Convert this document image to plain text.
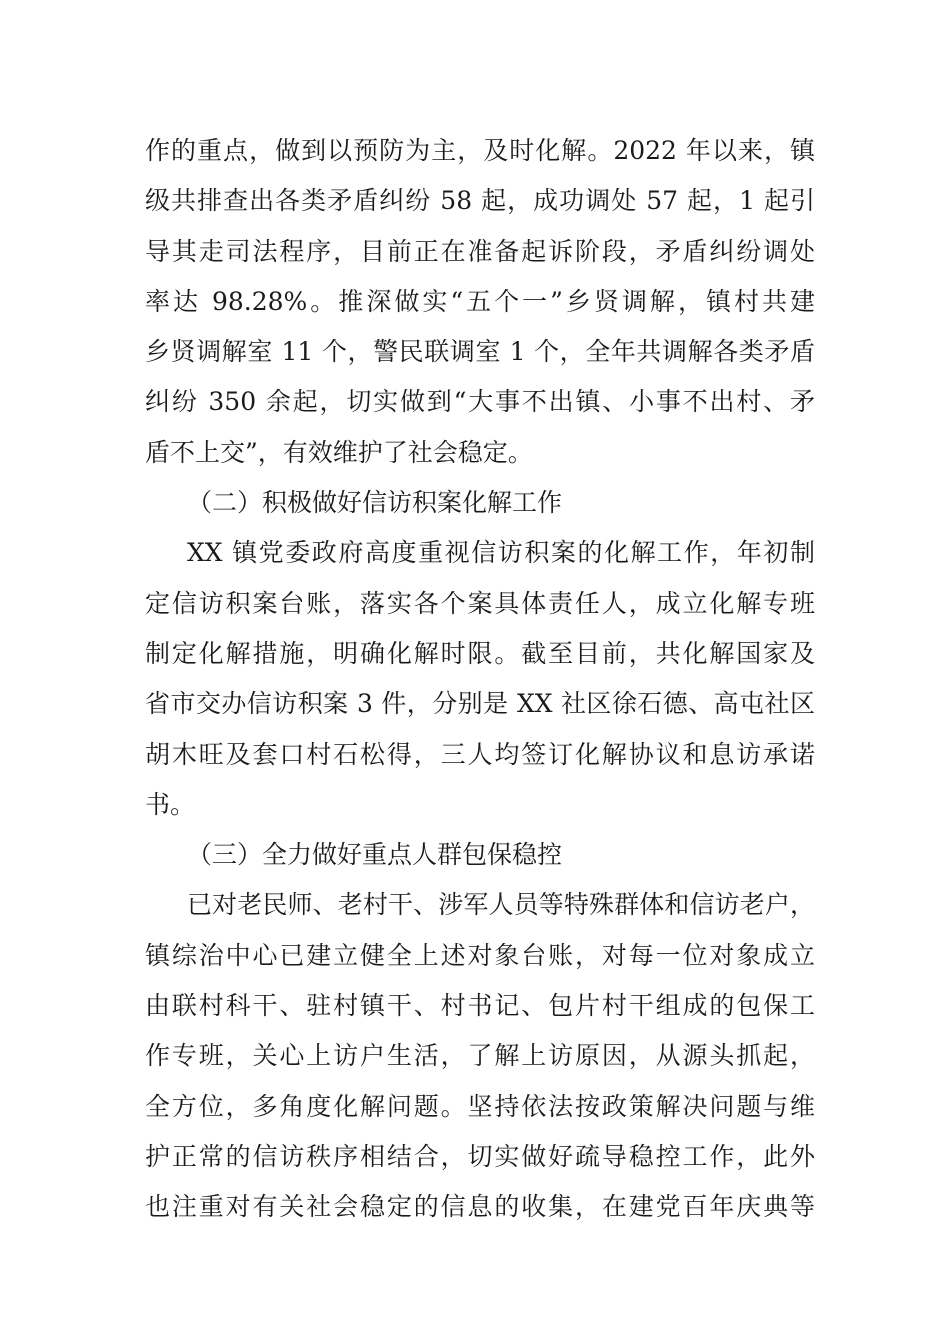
作的重点，做到以预防为主，及时化解。2022 年以来，镇
级共排查出各类矛盾纠纷 58 起，成功调处 57 起，1 起引
导其走司法程序，目前正在准备起诉阶段，矛盾纠纷调处
率达 98.28%。推深做实“五个一”乡贤调解，镇村共建
乡贤调解室 11 个，警民联调室 1 个，全年共调解各类矛盾
纠纷 350 余起，切实做到“大事不出镇、小事不出村、矛
盾不上交”，有效维护了社会稳定。
（二）积极做好信访积案化解工作
XX 镇党委政府高度重视信访积案的化解工作，年初制
定信访积案台账，落实各个案具体责任人，成立化解专班
制定化解措施，明确化解时限。截至目前，共化解国家及
省市交办信访积案 3 件，分别是 XX 社区徐石德、高屯社区
胡木旺及套口村石松得，三人均签订化解协议和息访承诺
书。
（三）全力做好重点人群包保稳控
已对老民师、老村干、涉军人员等特殊群体和信访老户，
镇综治中心已建立健全上述对象台账，对每一位对象成立
由联村科干、驻村镇干、村书记、包片村干组成的包保工
作专班，关心上访户生活，了解上访原因，从源头抓起，
全方位，多角度化解问题。坚持依法按政策解决问题与维
护正常的信访秩序相结合，切实做好疏导稳控工作，此外
也注重对有关社会稳定的信息的收集，在建党百年庆典等
